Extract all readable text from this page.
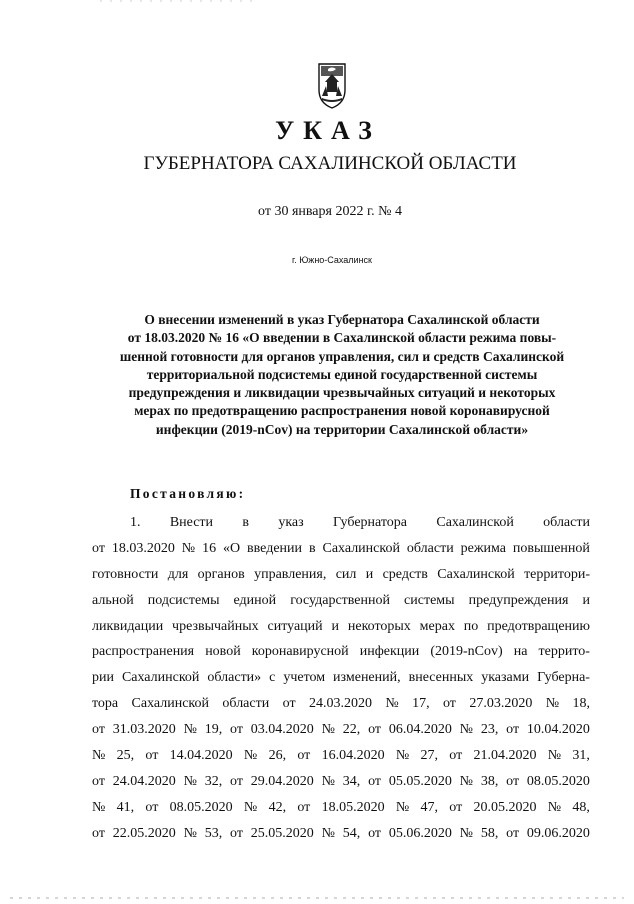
УКАЗ
ГУБЕРНАТОРА САХАЛИНСКОЙ ОБЛАСТИ
от 30 января 2022 г. № 4
г. Южно-Сахалинск
О внесении изменений в указ Губернатора Сахалинской области
от 18.03.2020 № 16 «О введении в Сахалинской области режима повы-
шенной готовности для органов управления, сил и средств Сахалинской
территориальной подсистемы единой государственной системы
предупреждения и ликвидации чрезвычайных ситуаций и некоторых
мерах по предотвращению распространения новой коронавирусной
инфекции (2019-nCov) на территории Сахалинской области»
Постановляю:
1. Внести в указ Губернатора Сахалинской области
от 18.03.2020 № 16 «О введении в Сахалинской области режима повышенной
готовности для органов управления, сил и средств Сахалинской территори-
альной подсистемы единой государственной системы предупреждения и
ликвидации чрезвычайных ситуаций и некоторых мерах по предотвращению
распространения новой коронавирусной инфекции (2019-nCov) на террито-
рии Сахалинской области» с учетом изменений, внесенных указами Губерна-
тора Сахалинской области от 24.03.2020 № 17, от 27.03.2020 № 18,
от 31.03.2020 № 19, от 03.04.2020 № 22, от 06.04.2020 № 23, от 10.04.2020
№ 25, от 14.04.2020 № 26, от 16.04.2020 № 27, от 21.04.2020 № 31,
от 24.04.2020 № 32, от 29.04.2020 № 34, от 05.05.2020 № 38, от 08.05.2020
№ 41, от 08.05.2020 № 42, от 18.05.2020 № 47, от 20.05.2020 № 48,
от 22.05.2020 № 53, от 25.05.2020 № 54, от 05.06.2020 № 58, от 09.06.2020
